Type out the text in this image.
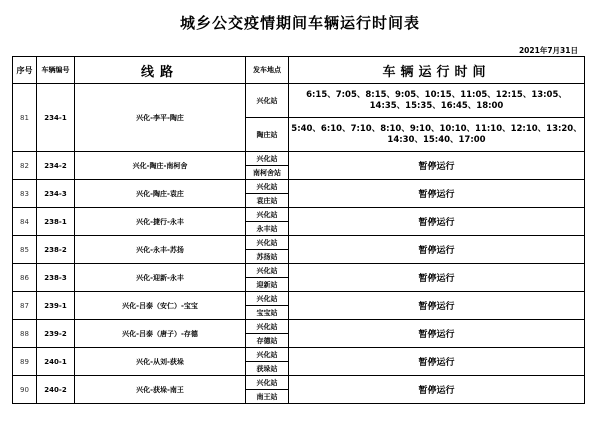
城乡公交疫情期间车辆运行时间表
2021年7月31日
序号	车辆编号	线路	发车地点	车辆运行时间
81	234-1	兴化-李平-陶庄	兴化站	6:15、7:05、8:15、9:05、10:15、11:05、12:15、13:05、14:35、15:35、16:45、18:00
			陶庄站	5:40、6:10、7:10、8:10、9:10、10:10、11:10、12:10、13:20、14:30、15:40、17:00
82	234-2	兴化-陶庄-南柯舍	兴化站	暂停运行
			南柯舍站	
83	234-3	兴化-陶庄-袁庄	兴化站	暂停运行
			袁庄站	
84	238-1	兴化-捷行-永丰	兴化站	暂停运行
			永丰站	
85	238-2	兴化-永丰-苏扬	兴化站	暂停运行
			苏扬站	
86	238-3	兴化-迎新-永丰	兴化站	暂停运行
			迎新站	
87	239-1	兴化-吕泰（安仁）-宝宝	兴化站	暂停运行
			宝宝站	
88	239-2	兴化-吕泰（唐子）-存德	兴化站	暂停运行
			存德站	
89	240-1	兴化-从刘-获垛	兴化站	暂停运行
			获垛站	
90	240-2	兴化-获垛-南王	兴化站	暂停运行
			南王站	
